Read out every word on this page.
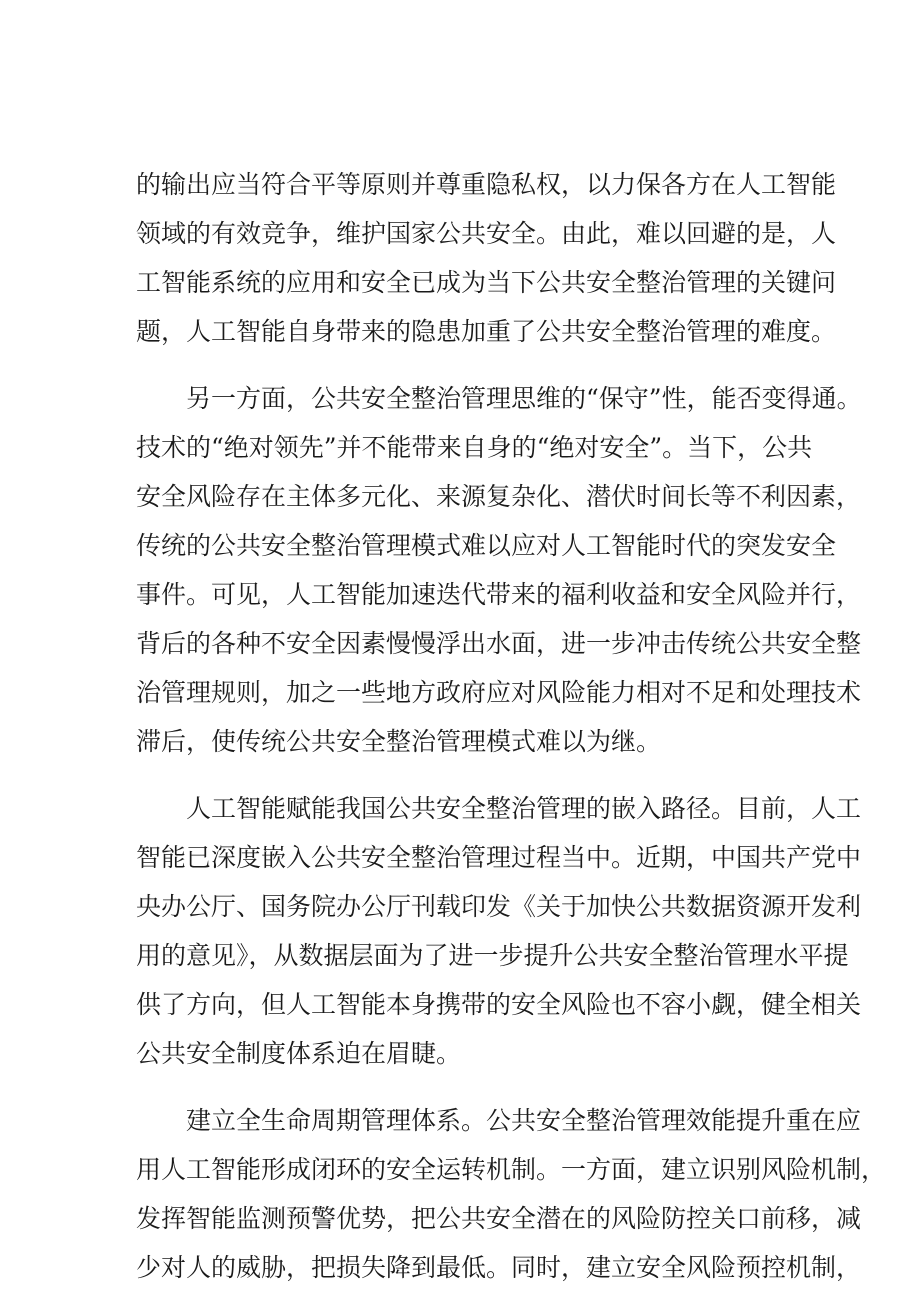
的输出应当符合平等原则并尊重隐私权，以力保各方在人工智能
领域的有效竞争，维护国家公共安全。由此，难以回避的是，人
工智能系统的应用和安全已成为当下公共安全整治管理的关键问
题，人工智能自身带来的隐患加重了公共安全整治管理的难度。
另一方面，公共安全整治管理思维的“保守”性，能否变得通。
技术的“绝对领先”并不能带来自身的“绝对安全”。当下，公共
安全风险存在主体多元化、来源复杂化、潜伏时间长等不利因素，
传统的公共安全整治管理模式难以应对人工智能时代的突发安全
事件。可见，人工智能加速迭代带来的福利收益和安全风险并行，
背后的各种不安全因素慢慢浮出水面，进一步冲击传统公共安全整
治管理规则，加之一些地方政府应对风险能力相对不足和处理技术
滞后，使传统公共安全整治管理模式难以为继。
人工智能赋能我国公共安全整治管理的嵌入路径。目前，人工
智能已深度嵌入公共安全整治管理过程当中。近期，中国共产党中
央办公厅、国务院办公厅刊载印发《关于加快公共数据资源开发利
用的意见》，从数据层面为了进一步提升公共安全整治管理水平提
供了方向，但人工智能本身携带的安全风险也不容小觑，健全相关
公共安全制度体系迫在眉睫。
建立全生命周期管理体系。公共安全整治管理效能提升重在应
用人工智能形成闭环的安全运转机制。一方面，建立识别风险机制，
发挥智能监测预警优势，把公共安全潜在的风险防控关口前移，减
少对人的威胁，把损失降到最低。同时，建立安全风险预控机制，
